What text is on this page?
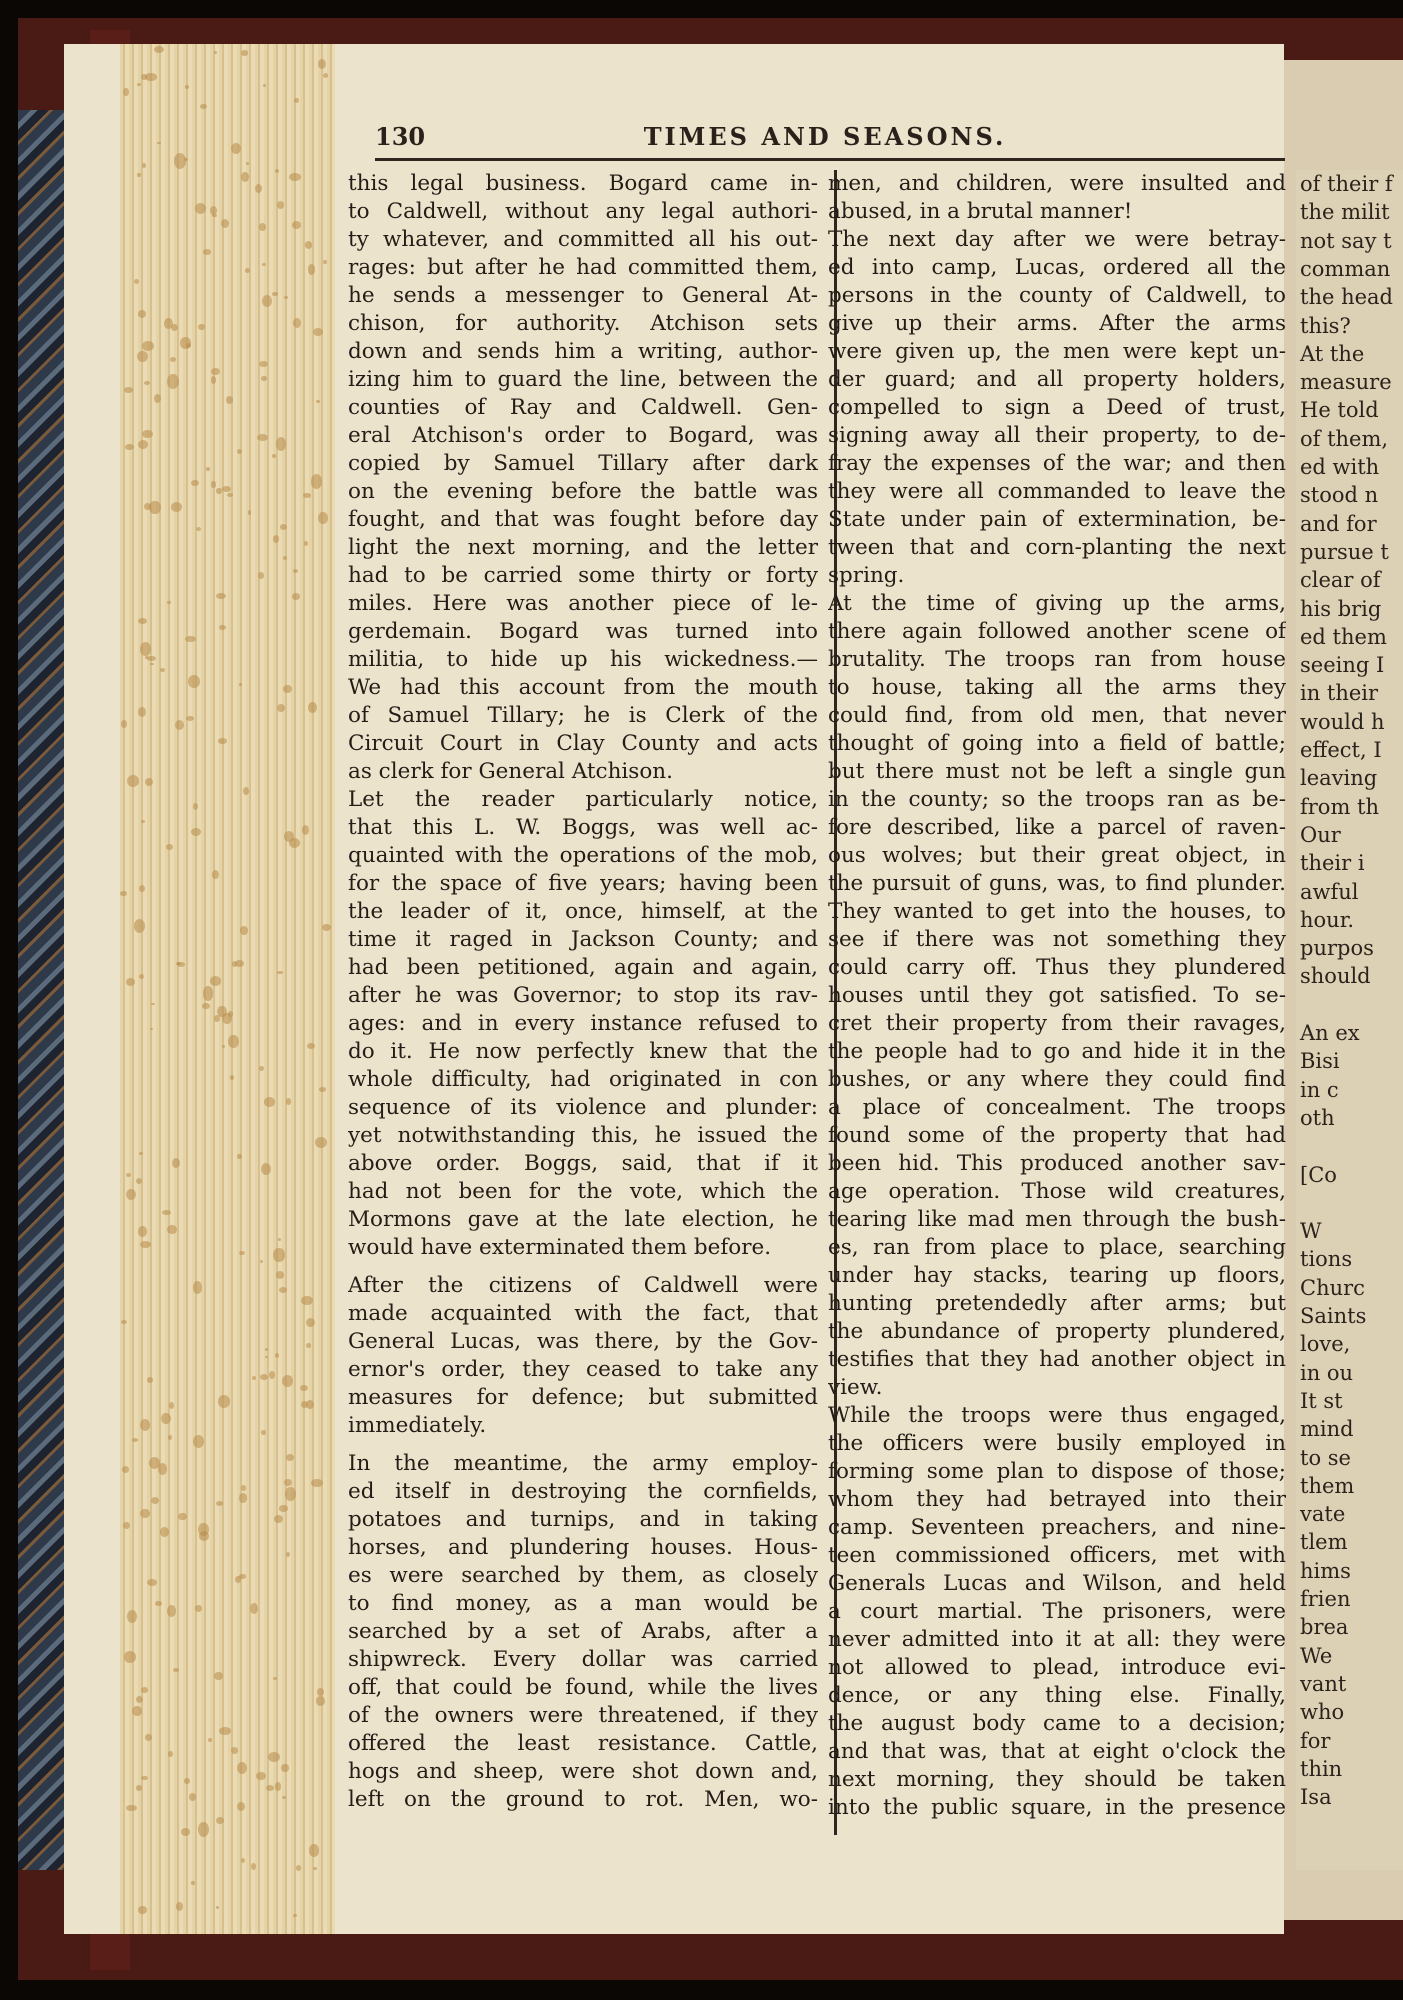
of their f
the milit
not say t
comman
the head
this?
At the
measure
He told
of them,
ed with
stood n
and for
pursue t
clear of
his brig
ed them
seeing I
in their
would h
effect, I
leaving
from th
Our
their i
awful
hour.
purpos
should
An ex
Bisi
in c
oth
[Co
W
tions
Churc
Saints
love,
in ou
It st
mind
to se
them
vate
tlem
hims
frien
brea
We
vant
who
for
thin
Isa
130	TIMES AND SEASONS.
this legal business. Bogard came in-
to Caldwell, without any legal authori-
ty whatever, and committed all his out-
rages: but after he had committed them,
he sends a messenger to General At-
chison, for authority. Atchison sets
down and sends him a writing, author-
izing him to guard the line, between the
counties of Ray and Caldwell. Gen-
eral Atchison's order to Bogard, was
copied by Samuel Tillary after dark
on the evening before the battle was
fought, and that was fought before day
light the next morning, and the letter
had to be carried some thirty or forty
miles. Here was another piece of le-
gerdemain. Bogard was turned into
militia, to hide up his wickedness.—
We had this account from the mouth
of Samuel Tillary; he is Clerk of the
Circuit Court in Clay County and acts
as clerk for General Atchison.
Let the reader particularly notice,
that this L. W. Boggs, was well ac-
quainted with the operations of the mob,
for the space of five years; having been
the leader of it, once, himself, at the
time it raged in Jackson County; and
had been petitioned, again and again,
after he was Governor; to stop its rav-
ages: and in every instance refused to
do it. He now perfectly knew that the
whole difficulty, had originated in con
sequence of its violence and plunder:
yet notwithstanding this, he issued the
above order. Boggs, said, that if it
had not been for the vote, which the
Mormons gave at the late election, he
would have exterminated them before.
After the citizens of Caldwell were
made acquainted with the fact, that
General Lucas, was there, by the Gov-
ernor's order, they ceased to take any
measures for defence; but submitted
immediately.
In the meantime, the army employ-
ed itself in destroying the cornfields,
potatoes and turnips, and in taking
horses, and plundering houses. Hous-
es were searched by them, as closely
to find money, as a man would be
searched by a set of Arabs, after a
shipwreck. Every dollar was carried
off, that could be found, while the lives
of the owners were threatened, if they
offered the least resistance. Cattle,
hogs and sheep, were shot down and,
left on the ground to rot. Men, wo-
men, and children, were insulted and
abused, in a brutal manner!
The next day after we were betray-
ed into camp, Lucas, ordered all the
persons in the county of Caldwell, to
give up their arms. After the arms
were given up, the men were kept un-
der guard; and all property holders,
compelled to sign a Deed of trust,
signing away all their property, to de-
fray the expenses of the war; and then
they were all commanded to leave the
State under pain of extermination, be-
tween that and corn-planting the next
spring.
At the time of giving up the arms,
there again followed another scene of
brutality. The troops ran from house
to house, taking all the arms they
could find, from old men, that never
thought of going into a field of battle;
but there must not be left a single gun
in the county; so the troops ran as be-
fore described, like a parcel of raven-
ous wolves; but their great object, in
the pursuit of guns, was, to find plunder.
They wanted to get into the houses, to
see if there was not something they
could carry off. Thus they plundered
houses until they got satisfied. To se-
cret their property from their ravages,
the people had to go and hide it in the
bushes, or any where they could find
a place of concealment. The troops
found some of the property that had
been hid. This produced another sav-
age operation. Those wild creatures,
tearing like mad men through the bush-
es, ran from place to place, searching
under hay stacks, tearing up floors,
hunting pretendedly after arms; but
the abundance of property plundered,
testifies that they had another object in
view.
While the troops were thus engaged,
the officers were busily employed in
forming some plan to dispose of those;
whom they had betrayed into their
camp. Seventeen preachers, and nine-
teen commissioned officers, met with
Generals Lucas and Wilson, and held
a court martial. The prisoners, were
never admitted into it at all: they were
not allowed to plead, introduce evi-
dence, or any thing else. Finally,
the august body came to a decision;
and that was, that at eight o'clock the
next morning, they should be taken
into the public square, in the presence
